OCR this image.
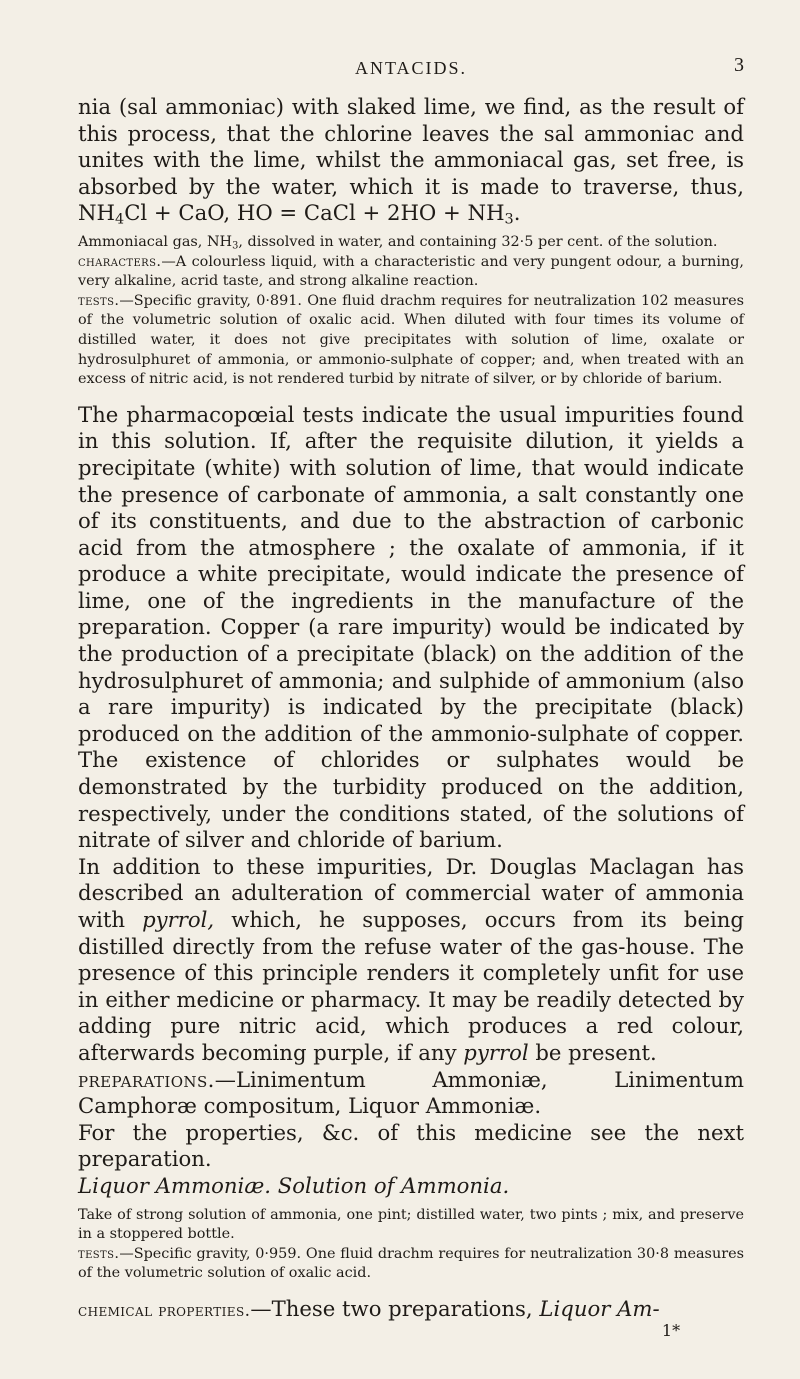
ANTACIDS.	3

nia (sal ammoniac) with slaked lime, we find, as the result of this process, that the chlorine leaves the sal ammoniac and unites with the lime, whilst the ammoniacal gas, set free, is absorbed by the water, which it is made to traverse, thus, $NH_4Cl$ + CaO, HO = CaCl + $2HO + NH_3$.

Ammoniacal gas, $NH_3$, dissolved in water, and containing 32·5 per cent. of the solution.

characters.—A colourless liquid, with a characteristic and very pungent odour, a burning, very alkaline, acrid taste, and strong alkaline reaction.

tests.—Specific gravity, 0·891. One fluid drachm requires for neutralization 102 measures of the volumetric solution of oxalic acid. When diluted with four times its volume of distilled water, it does not give precipitates with solution of lime, oxalate or hydrosulphuret of ammonia, or ammonio-sulphate of copper; and, when treated with an excess of nitric acid, is not rendered turbid by nitrate of silver, or by chloride of barium.

The pharmacopœial tests indicate the usual impurities found in this solution. If, after the requisite dilution, it yields a precipitate (white) with solution of lime, that would indicate the presence of carbonate of ammonia, a salt constantly one of its constituents, and due to the abstraction of carbonic acid from the atmosphere ; the oxalate of ammonia, if it produce a white precipitate, would indicate the presence of lime, one of the ingredients in the manufacture of the preparation. Copper (a rare impurity) would be indicated by the production of a precipitate (black) on the addition of the hydrosulphuret of ammonia; and sulphide of ammonium (also a rare impurity) is indicated by the precipitate (black) produced on the addition of the ammonio-sulphate of copper. The existence of chlorides or sulphates would be demonstrated by the turbidity produced on the addition, respectively, under the conditions stated, of the solutions of nitrate of silver and chloride of barium.

In addition to these impurities, Dr. Douglas Maclagan has described an adulteration of commercial water of ammonia with pyrrol, which, he supposes, occurs from its being distilled directly from the refuse water of the gas-house. The presence of this principle renders it completely unfit for use in either medicine or pharmacy. It may be readily detected by adding pure nitric acid, which produces a red colour, afterwards becoming purple, if any pyrrol be present.

preparations.—Linimentum Ammoniæ, Linimentum Camphoræ compositum, Liquor Ammoniæ.

For the properties, &c. of this medicine see the next preparation.

Liquor Ammoniæ. Solution of Ammonia.

Take of strong solution of ammonia, one pint; distilled water, two pints ; mix, and preserve in a stoppered bottle.

tests.—Specific gravity, 0·959. One fluid drachm requires for neutralization 30·8 measures of the volumetric solution of oxalic acid.

chemical properties.—These two preparations, Liquor Am-

1*
